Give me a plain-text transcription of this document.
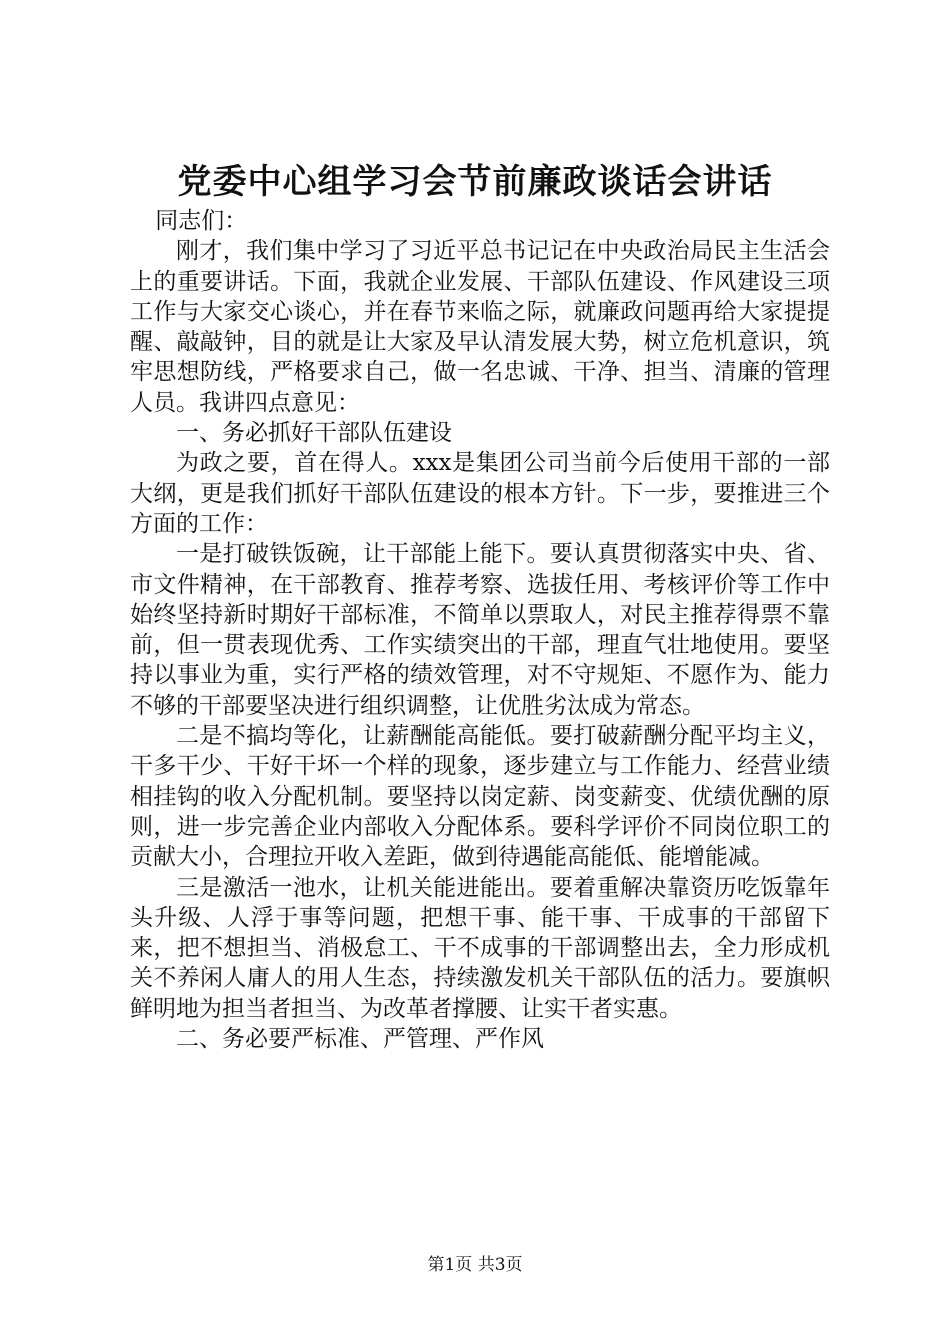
党委中心组学习会节前廉政谈话会讲话

同志们：

刚才，我们集中学习了习近平总书记记在中央政治局民主生活会上的重要讲话。下面，我就企业发展、干部队伍建设、作风建设三项工作与大家交心谈心，并在春节来临之际，就廉政问题再给大家提提醒、敲敲钟，目的就是让大家及早认清发展大势，树立危机意识，筑牢思想防线，严格要求自己，做一名忠诚、干净、担当、清廉的管理人员。我讲四点意见：

一、务必抓好干部队伍建设

为政之要，首在得人。xxx是集团公司当前今后使用干部的一部大纲，更是我们抓好干部队伍建设的根本方针。下一步，要推进三个方面的工作：

一是打破铁饭碗，让干部能上能下。要认真贯彻落实中央、省、市文件精神，在干部教育、推荐考察、选拔任用、考核评价等工作中始终坚持新时期好干部标准，不简单以票取人，对民主推荐得票不靠前，但一贯表现优秀、工作实绩突出的干部，理直气壮地使用。要坚持以事业为重，实行严格的绩效管理，对不守规矩、不愿作为、能力不够的干部要坚决进行组织调整，让优胜劣汰成为常态。

二是不搞均等化，让薪酬能高能低。要打破薪酬分配平均主义，干多干少、干好干坏一个样的现象，逐步建立与工作能力、经营业绩相挂钩的收入分配机制。要坚持以岗定薪、岗变薪变、优绩优酬的原则，进一步完善企业内部收入分配体系。要科学评价不同岗位职工的贡献大小，合理拉开收入差距，做到待遇能高能低、能增能减。

三是激活一池水，让机关能进能出。要着重解决靠资历吃饭靠年头升级、人浮于事等问题，把想干事、能干事、干成事的干部留下来，把不想担当、消极怠工、干不成事的干部调整出去，全力形成机关不养闲人庸人的用人生态，持续激发机关干部队伍的活力。要旗帜鲜明地为担当者担当、为改革者撑腰、让实干者实惠。

二、务必要严标准、严管理、严作风

第1页 共3页
